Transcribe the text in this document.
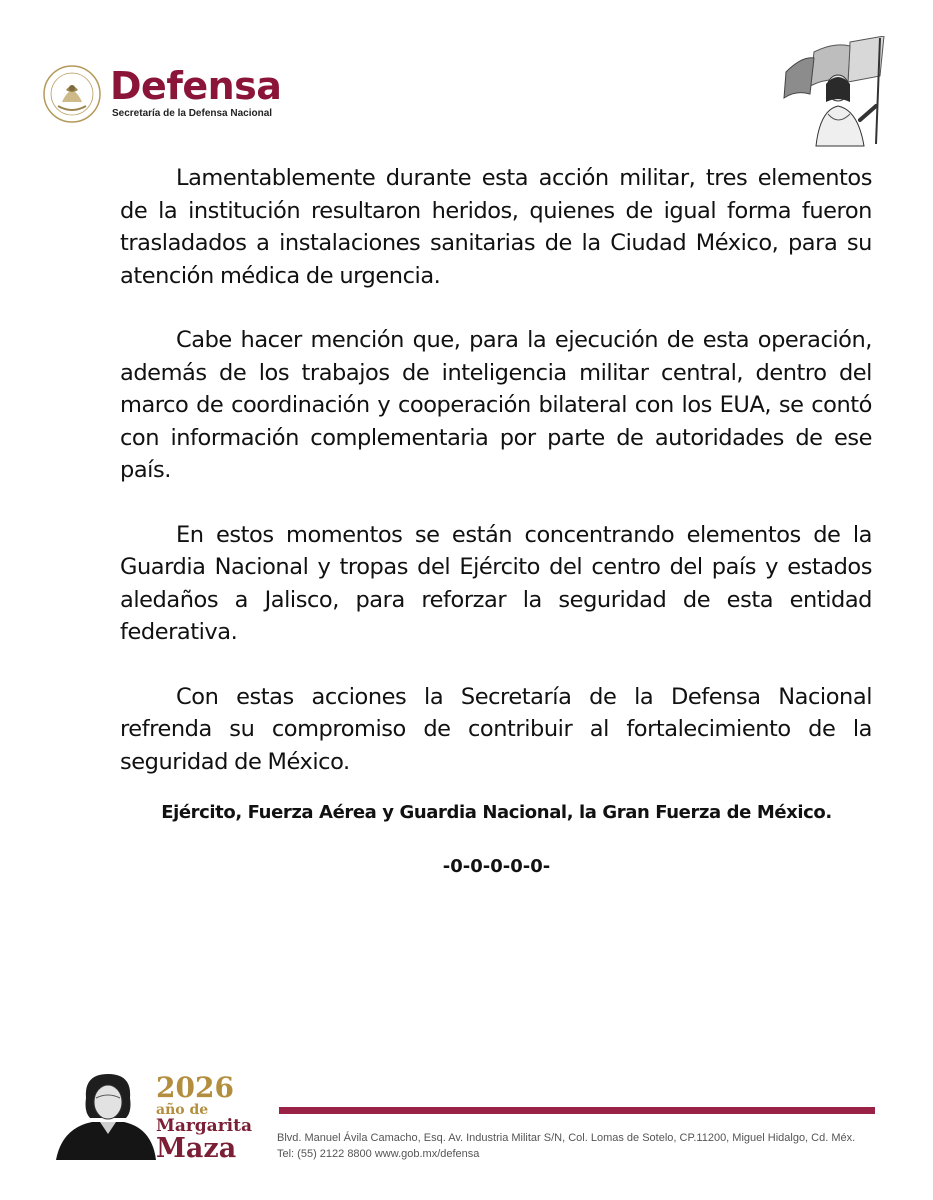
Defensa
Secretaría de la Defensa Nacional

Lamentablemente durante esta acción militar, tres elementos de la institución resultaron heridos, quienes de igual forma fueron trasladados a instalaciones sanitarias de la Ciudad México, para su atención médica de urgencia.

Cabe hacer mención que, para la ejecución de esta operación, además de los trabajos de inteligencia militar central, dentro del marco de coordinación y cooperación bilateral con los EUA, se contó con información complementaria por parte de autoridades de ese país.

En estos momentos se están concentrando elementos de la Guardia Nacional y tropas del Ejército del centro del país y estados aledaños a Jalisco, para reforzar la seguridad de esta entidad federativa.

Con estas acciones la Secretaría de la Defensa Nacional refrenda su compromiso de contribuir al fortalecimiento de la seguridad de México.

Ejército, Fuerza Aérea y Guardia Nacional, la Gran Fuerza de México.
-0-0-0-0-0-
2026
año de
Margarita
Maza	Blvd. Manuel Ávila Camacho, Esq. Av. Industria Militar S/N, Col. Lomas de Sotelo, CP.11200, Miguel Hidalgo, Cd. Méx.
Tel: (55) 2122 8800 www.gob.mx/defensa
